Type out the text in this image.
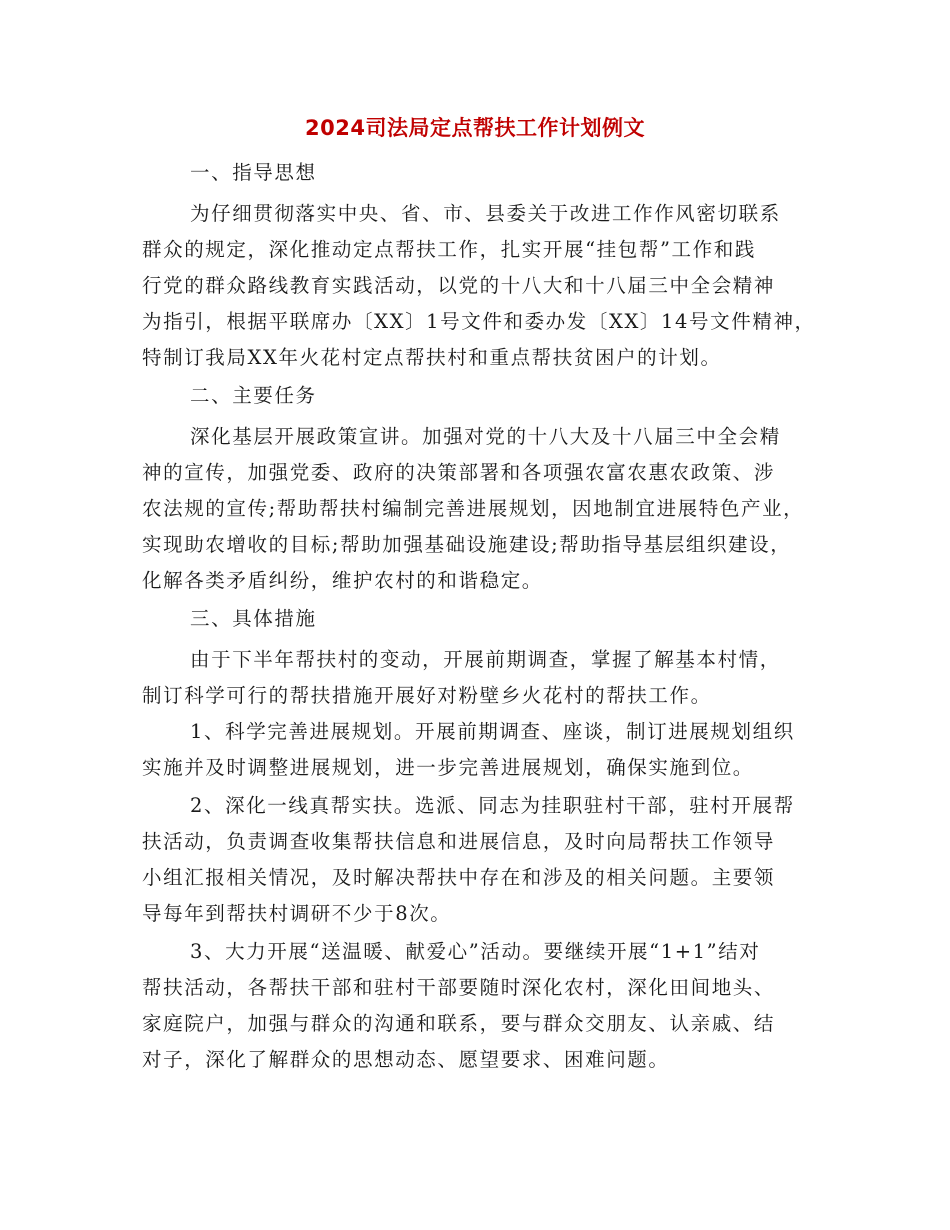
2024司法局定点帮扶工作计划例文
一、指导思想
为仔细贯彻落实中央、省、市、县委关于改进工作作风密切联系
群众的规定，深化推动定点帮扶工作，扎实开展“挂包帮”工作和践
行党的群众路线教育实践活动，以党的十八大和十八届三中全会精神
为指引，根据平联席办〔XX〕1号文件和委办发〔XX〕14号文件精神，
特制订我局XX年火花村定点帮扶村和重点帮扶贫困户的计划。
二、主要任务
深化基层开展政策宣讲。加强对党的十八大及十八届三中全会精
神的宣传，加强党委、政府的决策部署和各项强农富农惠农政策、涉
农法规的宣传;帮助帮扶村编制完善进展规划，因地制宜进展特色产业，
实现助农增收的目标;帮助加强基础设施建设;帮助指导基层组织建设，
化解各类矛盾纠纷，维护农村的和谐稳定。
三、具体措施
由于下半年帮扶村的变动，开展前期调查，掌握了解基本村情，
制订科学可行的帮扶措施开展好对粉壁乡火花村的帮扶工作。
1、科学完善进展规划。开展前期调查、座谈，制订进展规划组织
实施并及时调整进展规划，进一步完善进展规划，确保实施到位。
2、深化一线真帮实扶。选派、同志为挂职驻村干部，驻村开展帮
扶活动，负责调查收集帮扶信息和进展信息，及时向局帮扶工作领导
小组汇报相关情况，及时解决帮扶中存在和涉及的相关问题。主要领
导每年到帮扶村调研不少于8次。
3、大力开展“送温暖、献爱心”活动。要继续开展“1+1”结对
帮扶活动，各帮扶干部和驻村干部要随时深化农村，深化田间地头、
家庭院户，加强与群众的沟通和联系，要与群众交朋友、认亲戚、结
对子，深化了解群众的思想动态、愿望要求、困难问题。
